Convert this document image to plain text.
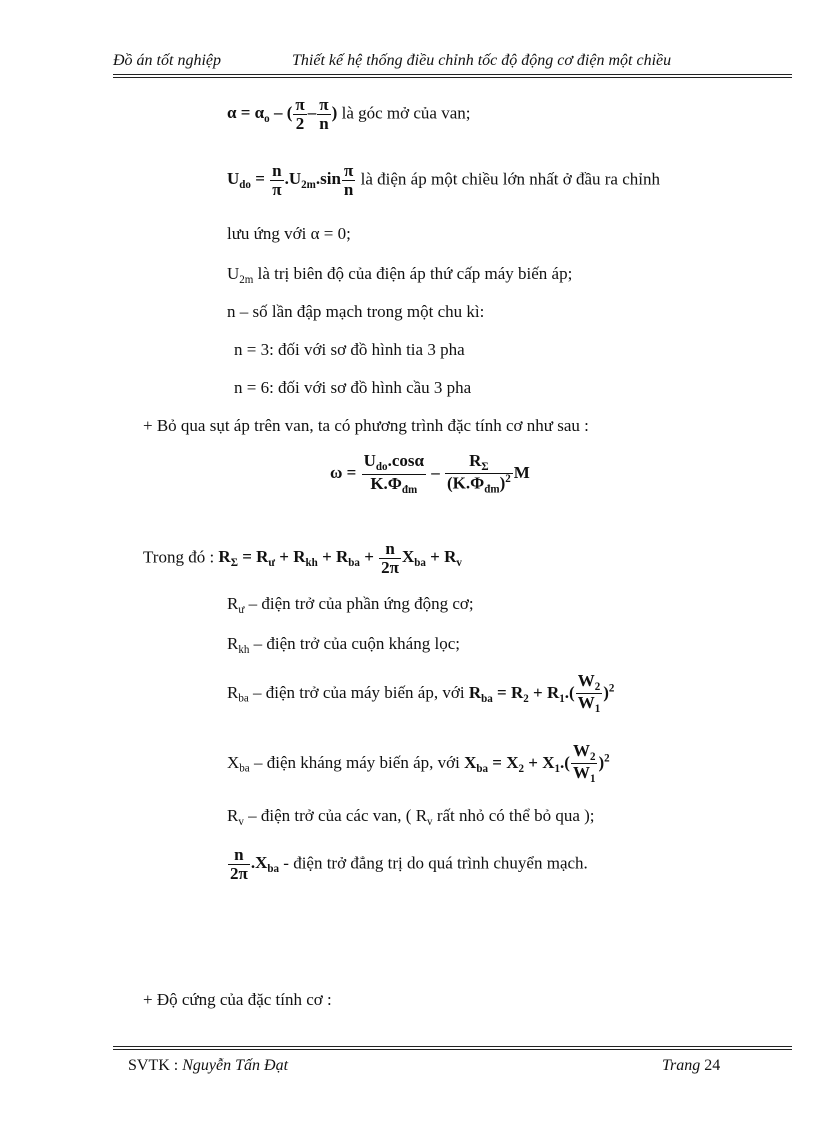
Đồ án tốt nghiệp	Thiết kế hệ thống điều chỉnh tốc độ động cơ điện một chiều
$\alpha = \alpha_o$ – ( $\frac{\pi}{2} - \frac{\pi}{n}$ ) là góc mở của van;
$U_{do} = \frac{n}{\pi} .U_{2m}.\sin \frac{\pi}{n}$ là điện áp một chiều lớn nhất ở đầu ra chỉnh
lưu ứng với α = 0;
$U_{2m}$ là trị biên độ của điện áp thứ cấp máy biến áp;
n – số lần đập mạch trong một chu kì:
n = 3: đối với sơ đồ hình tia 3 pha
n = 6: đối với sơ đồ hình cầu 3 pha
+ Bỏ qua sụt áp trên van, ta có phương trình đặc tính cơ như sau :
$\omega = \frac{U_{do}.\cos\alpha}{K.\Phi_{đm}} - \frac{R_\Sigma}{(K.\Phi_{đm})^2}$ M
Trong đó : $R_\Sigma = R_ư + R_{kh} + R_{ba} + \frac{n}{2\pi} X_{ba} + R_v$
$R_ư$ – điện trở của phần ứng động cơ;
$R_{kh}$ – điện trở của cuộn kháng lọc;
$R_{ba}$ – điện trở của máy biến áp, với $R_{ba} = R_2 + R_1.( \frac{W_2}{W_1} )^2$
$X_{ba}$ – điện kháng máy biến áp, với $X_{ba} = X_2 + X_1.( \frac{W_2}{W_1} )^2$
$R_v$ – điện trở của các van, ( $R_v$ rất nhỏ có thể bỏ qua );
$\frac{n}{2\pi} .X_{ba}$ - điện trở đẳng trị do quá trình chuyển mạch.
+ Độ cứng của đặc tính cơ :
SVTK : Nguyễn Tấn Đạt	Trang 24
